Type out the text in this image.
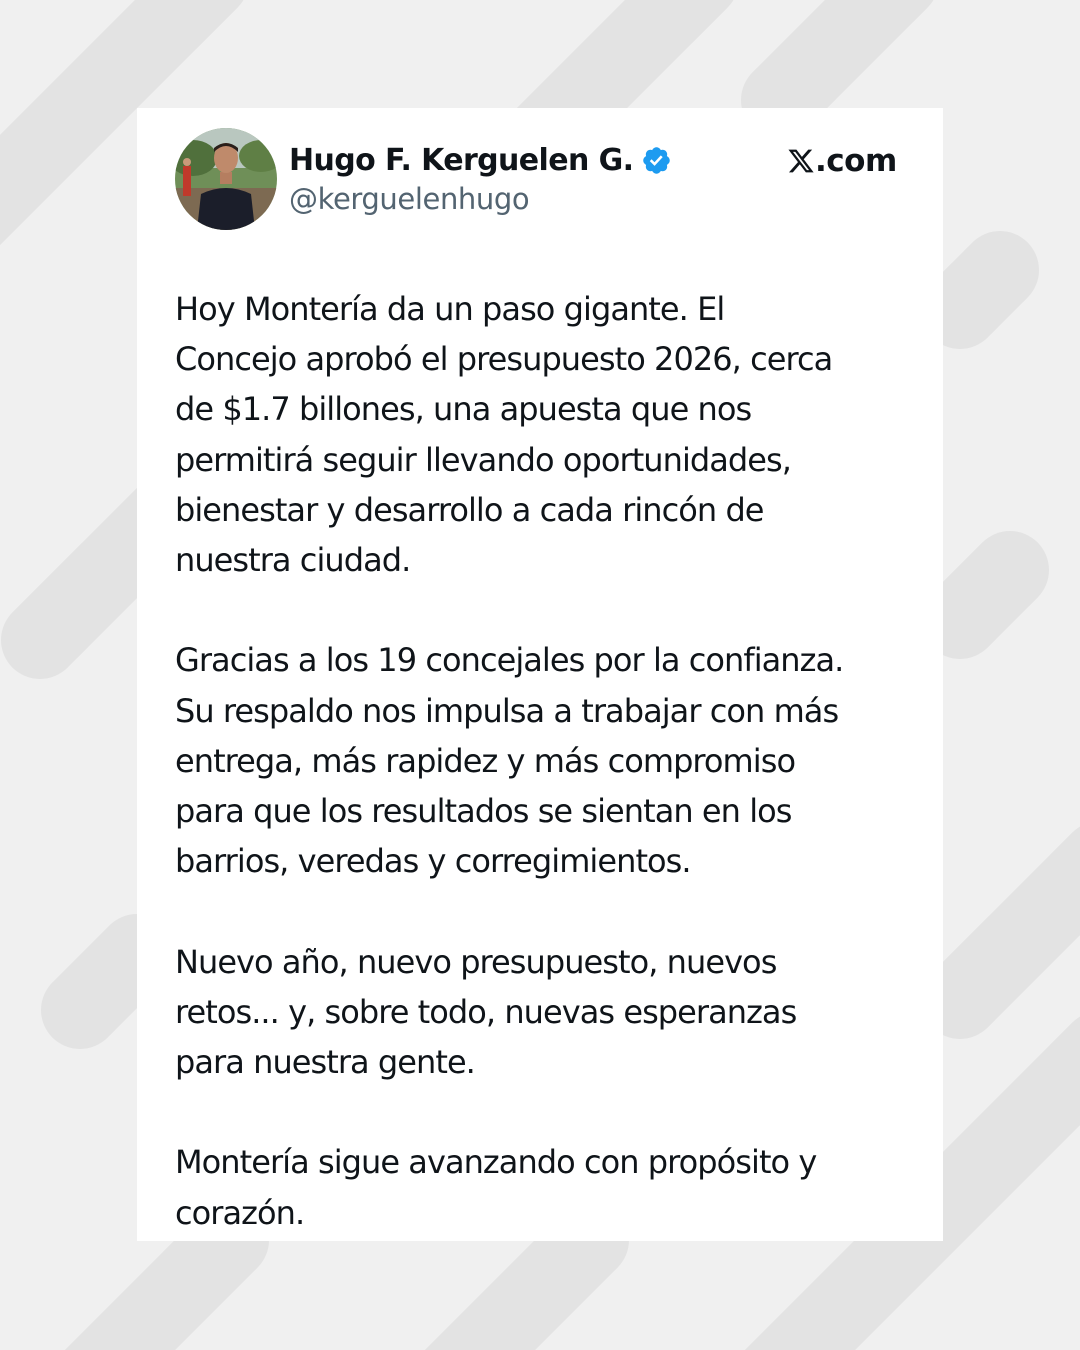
Hugo F. Kerguelen G.
@kerguelenhugo
.com

Hoy Montería da un paso gigante. El
Concejo aprobó el presupuesto 2026, cerca
de $1.7 billones, una apuesta que nos
permitirá seguir llevando oportunidades,
bienestar y desarrollo a cada rincón de
nuestra ciudad.

Gracias a los 19 concejales por la confianza.
Su respaldo nos impulsa a trabajar con más
entrega, más rapidez y más compromiso
para que los resultados se sientan en los
barrios, veredas y corregimientos.

Nuevo año, nuevo presupuesto, nuevos
retos... y, sobre todo, nuevas esperanzas
para nuestra gente.

Montería sigue avanzando con propósito y
corazón.
